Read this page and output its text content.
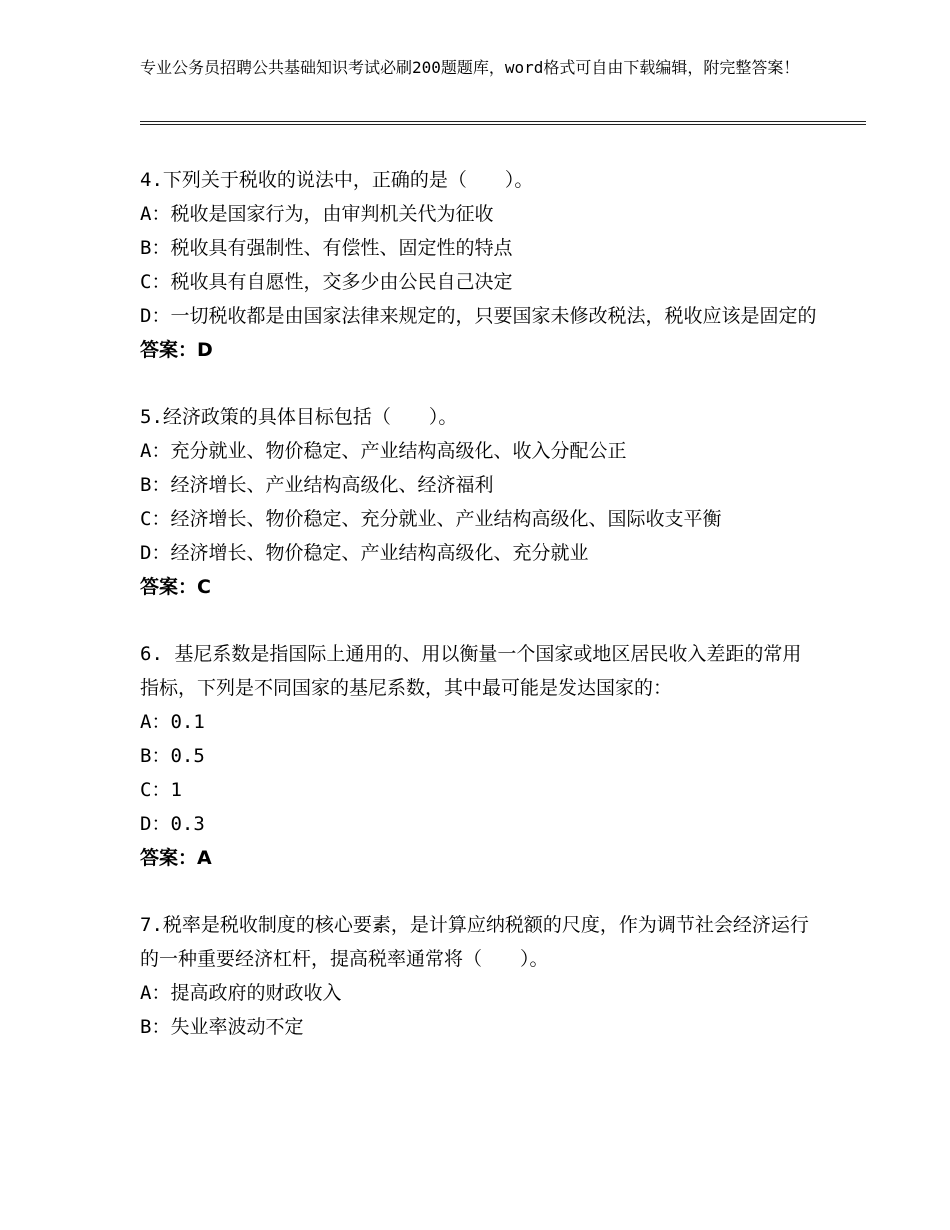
专业公务员招聘公共基础知识考试必刷200题题库，word格式可自由下载编辑，附完整答案！
4.下列关于税收的说法中，正确的是（　　）。
A：税收是国家行为，由审判机关代为征收
B：税收具有强制性、有偿性、固定性的特点
C：税收具有自愿性，交多少由公民自己决定
D：一切税收都是由国家法律来规定的，只要国家未修改税法，税收应该是固定的
答案：D
5.经济政策的具体目标包括（　　）。
A：充分就业、物价稳定、产业结构高级化、收入分配公正
B：经济增长、产业结构高级化、经济福利
C：经济增长、物价稳定、充分就业、产业结构高级化、国际收支平衡
D：经济增长、物价稳定、产业结构高级化、充分就业
答案：C
6. 基尼系数是指国际上通用的、用以衡量一个国家或地区居民收入差距的常用指标，下列是不同国家的基尼系数，其中最可能是发达国家的：
A：0.1
B：0.5
C：1
D：0.3
答案：A
7.税率是税收制度的核心要素，是计算应纳税额的尺度，作为调节社会经济运行的一种重要经济杠杆，提高税率通常将（　　）。
A：提高政府的财政收入
B：失业率波动不定
